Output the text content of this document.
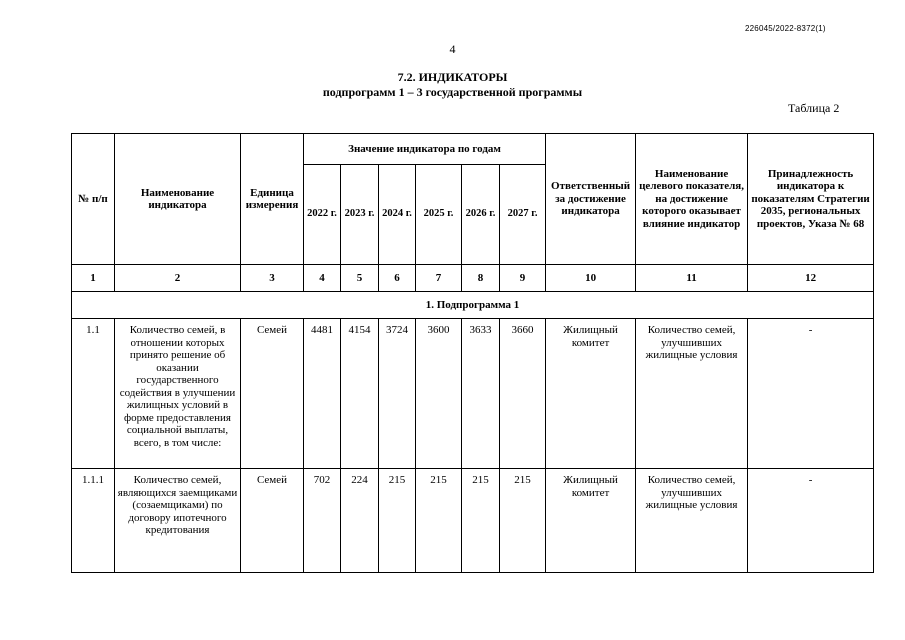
226045/2022-8372(1)
4
7.2. ИНДИКАТОРЫ
подпрограмм 1 – 3 государственной программы
Таблица 2
№ п/п	Наименование индикатора	Единица измерения	Значение индикатора по годам						Ответственный за достижение индикатора	Наименование целевого показателя, на достижение которого оказывает влияние индикатор	Принадлежность индикатора к показателям Стратегии 2035, региональных проектов, Указа № 68
			2022 г.	2023 г.	2024 г.	2025 г.	2026 г.	2027 г.			
1	2	3	4	5	6	7	8	9	10	11	12
1. Подпрограмма 1											
1.1	Количество семей, в отношении которых принято решение об оказании государственного содействия в улучшении жилищных условий в форме предоставления социальной выплаты, всего, в том числе:	Семей	4481	4154	3724	3600	3633	3660	Жилищный комитет	Количество семей, улучшивших жилищные условия	-
1.1.1	Количество семей, являющихся заемщиками (созаемщиками) по договору ипотечного кредитования	Семей	702	224	215	215	215	215	Жилищный комитет	Количество семей, улучшивших жилищные условия	-
